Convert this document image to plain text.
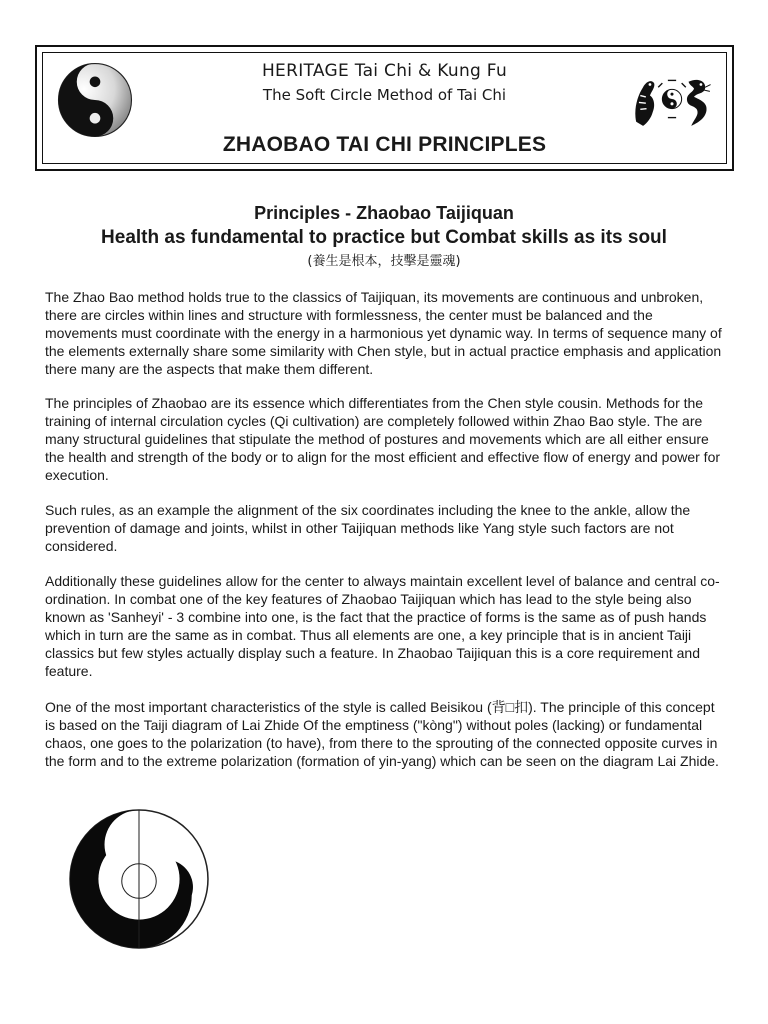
HERITAGE Tai Chi & Kung Fu
The Soft Circle Method of Tai Chi
ZHAOBAO TAI CHI PRINCIPLES
Principles - Zhaobao Taijiquan
Health as fundamental to practice but Combat skills as its soul
(養生是根本，技擊是靈魂)

The Zhao Bao method holds true to the classics of Taijiquan, its movements are continuous and unbroken, there are circles within lines and structure with formlessness, the center must be balanced and the movements must coordinate with the energy in a harmonious yet dynamic way. In terms of sequence many of the elements externally share some similarity with Chen style, but in actual practice emphasis and application there many are the aspects that make them different.

The principles of Zhaobao are its essence which differentiates from the Chen style cousin. Methods for the training of internal circulation cycles (Qi cultivation) are completely followed within Zhao Bao style. The are many structural guidelines that stipulate the method of postures and movements which are all either ensure the health and strength of the body or to align for the most efficient and effective flow of energy and power for execution.

Such rules, as an example the alignment of the six coordinates including the knee to the ankle, allow the prevention of damage and joints, whilst in other Taijiquan methods like Yang style such factors are not considered.

Additionally these guidelines allow for the center to always maintain excellent level of balance and central co-ordination. In combat one of the key features of Zhaobao Taijiquan which has lead to the style being also known as 'Sanheyi' - 3 combine into one, is the fact that the practice of forms is the same as of push hands which in turn are the same as in combat. Thus all elements are one, a key principle that is in ancient Taiji classics but few styles actually display such a feature. In Zhaobao Taijiquan this is a core requirement and feature.

One of the most important characteristics of the style is called Beisikou (背□扣). The principle of this concept is based on the Taiji diagram of Lai Zhide Of the emptiness ("kòng") without poles (lacking) or fundamental chaos, one goes to the polarization (to have), from there to the sprouting of the connected opposite curves in the form and to the extreme polarization (formation of yin-yang) which can be seen on the diagram Lai Zhide.
